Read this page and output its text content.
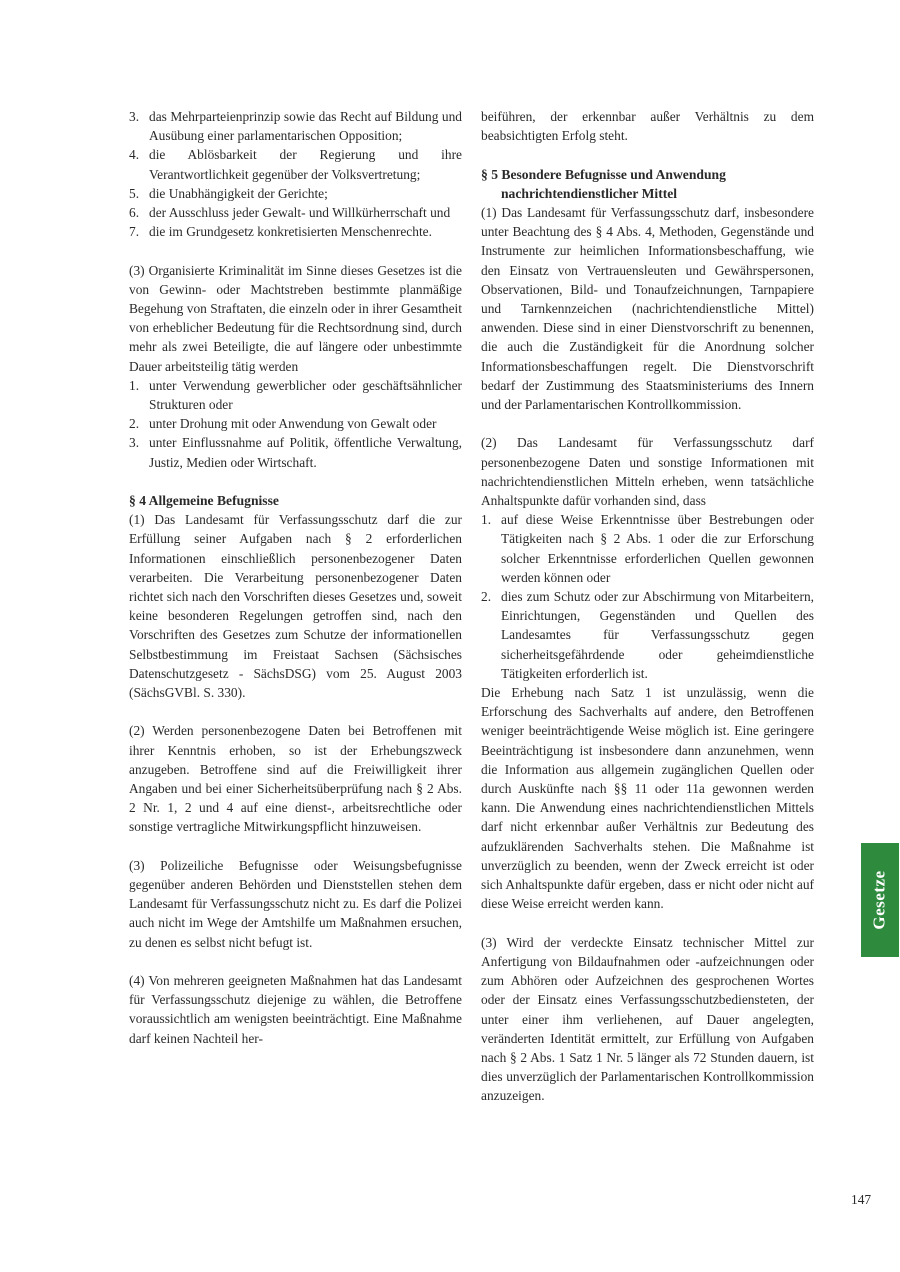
3. das Mehrparteienprinzip sowie das Recht auf Bildung und Ausübung einer parlamentarischen Opposition;
4. die Ablösbarkeit der Regierung und ihre Verantwortlichkeit gegenüber der Volksvertretung;
5. die Unabhängigkeit der Gerichte;
6. der Ausschluss jeder Gewalt- und Willkürherrschaft und
7. die im Grundgesetz konkretisierten Menschenrechte.

(3) Organisierte Kriminalität im Sinne dieses Gesetzes ist die von Gewinn- oder Machtstreben bestimmte planmäßige Begehung von Straftaten, die einzeln oder in ihrer Gesamtheit von erheblicher Bedeutung für die Rechtsordnung sind, durch mehr als zwei Beteiligte, die auf längere oder unbestimmte Dauer arbeitsteilig tätig werden

1. unter Verwendung gewerblicher oder geschäftsähnlicher Strukturen oder
2. unter Drohung mit oder Anwendung von Gewalt oder
3. unter Einflussnahme auf Politik, öffentliche Verwaltung, Justiz, Medien oder Wirtschaft.
§ 4 Allgemeine Befugnisse

(1) Das Landesamt für Verfassungsschutz darf die zur Erfüllung seiner Aufgaben nach § 2 erforderlichen Informationen einschließlich personenbezogener Daten verarbeiten. Die Verarbeitung personenbezogener Daten richtet sich nach den Vorschriften dieses Gesetzes und, soweit keine besonderen Regelungen getroffen sind, nach den Vorschriften des Gesetzes zum Schutze der informationellen Selbstbestimmung im Freistaat Sachsen (Sächsisches Datenschutzgesetz - SächsDSG) vom 25. August 2003 (SächsGVBl. S. 330).

(2) Werden personenbezogene Daten bei Betroffenen mit ihrer Kenntnis erhoben, so ist der Erhebungszweck anzugeben. Betroffene sind auf die Freiwilligkeit ihrer Angaben und bei einer Sicherheitsüberprüfung nach § 2 Abs. 2 Nr. 1, 2 und 4 auf eine dienst-, arbeitsrechtliche oder sonstige vertragliche Mitwirkungspflicht hinzuweisen.

(3) Polizeiliche Befugnisse oder Weisungsbefugnisse gegenüber anderen Behörden und Dienststellen stehen dem Landesamt für Verfassungsschutz nicht zu. Es darf die Polizei auch nicht im Wege der Amtshilfe um Maßnahmen ersuchen, zu denen es selbst nicht befugt ist.

(4) Von mehreren geeigneten Maßnahmen hat das Landesamt für Verfassungsschutz diejenige zu wählen, die Betroffene voraussichtlich am wenigsten beeinträchtigt. Eine Maßnahme darf keinen Nachteil her-

beiführen, der erkennbar außer Verhältnis zu dem beabsichtigten Erfolg steht.

§ 5 Besondere Befugnisse und Anwendung
nachrichtendienstlicher Mittel

(1) Das Landesamt für Verfassungsschutz darf, insbesondere unter Beachtung des § 4 Abs. 4, Methoden, Gegenstände und Instrumente zur heimlichen Informationsbeschaffung, wie den Einsatz von Vertrauensleuten und Gewährspersonen, Observationen, Bild- und Tonaufzeichnungen, Tarnpapiere und Tarnkennzeichen (nachrichtendienstliche Mittel) anwenden. Diese sind in einer Dienstvorschrift zu benennen, die auch die Zuständigkeit für die Anordnung solcher Informationsbeschaffungen regelt. Die Dienstvorschrift bedarf der Zustimmung des Staatsministeriums des Innern und der Parlamentarischen Kontrollkommission.

(2) Das Landesamt für Verfassungsschutz darf personenbezogene Daten und sonstige Informationen mit nachrichtendienstlichen Mitteln erheben, wenn tatsächliche Anhaltspunkte dafür vorhanden sind, dass

1. auf diese Weise Erkenntnisse über Bestrebungen oder Tätigkeiten nach § 2 Abs. 1 oder die zur Erforschung solcher Erkenntnisse erforderlichen Quellen gewonnen werden können oder
2. dies zum Schutz oder zur Abschirmung von Mitarbeitern, Einrichtungen, Gegenständen und Quellen des Landesamtes für Verfassungsschutz gegen sicherheitsgefährdende oder geheimdienstliche Tätigkeiten erforderlich ist.

Die Erhebung nach Satz 1 ist unzulässig, wenn die Erforschung des Sachverhalts auf andere, den Betroffenen weniger beeinträchtigende Weise möglich ist. Eine geringere Beeinträchtigung ist insbesondere dann anzunehmen, wenn die Information aus allgemein zugänglichen Quellen oder durch Auskünfte nach §§ 11 oder 11a gewonnen werden kann. Die Anwendung eines nachrichtendienstlichen Mittels darf nicht erkennbar außer Verhältnis zur Bedeutung des aufzuklärenden Sachverhalts stehen. Die Maßnahme ist unverzüglich zu beenden, wenn der Zweck erreicht ist oder sich Anhaltspunkte dafür ergeben, dass er nicht oder nicht auf diese Weise erreicht werden kann.

(3) Wird der verdeckte Einsatz technischer Mittel zur Anfertigung von Bildaufnahmen oder -aufzeichnungen oder zum Abhören oder Aufzeichnen des gesprochenen Wortes oder der Einsatz eines Verfassungsschutzbediensteten, der unter einer ihm verliehenen, auf Dauer angelegten, veränderten Identität ermittelt, zur Erfüllung von Aufgaben nach § 2 Abs. 1 Satz 1 Nr. 5 länger als 72 Stunden dauern, ist dies unverzüglich der Parlamentarischen Kontrollkommission anzuzeigen.

Gesetze
147
